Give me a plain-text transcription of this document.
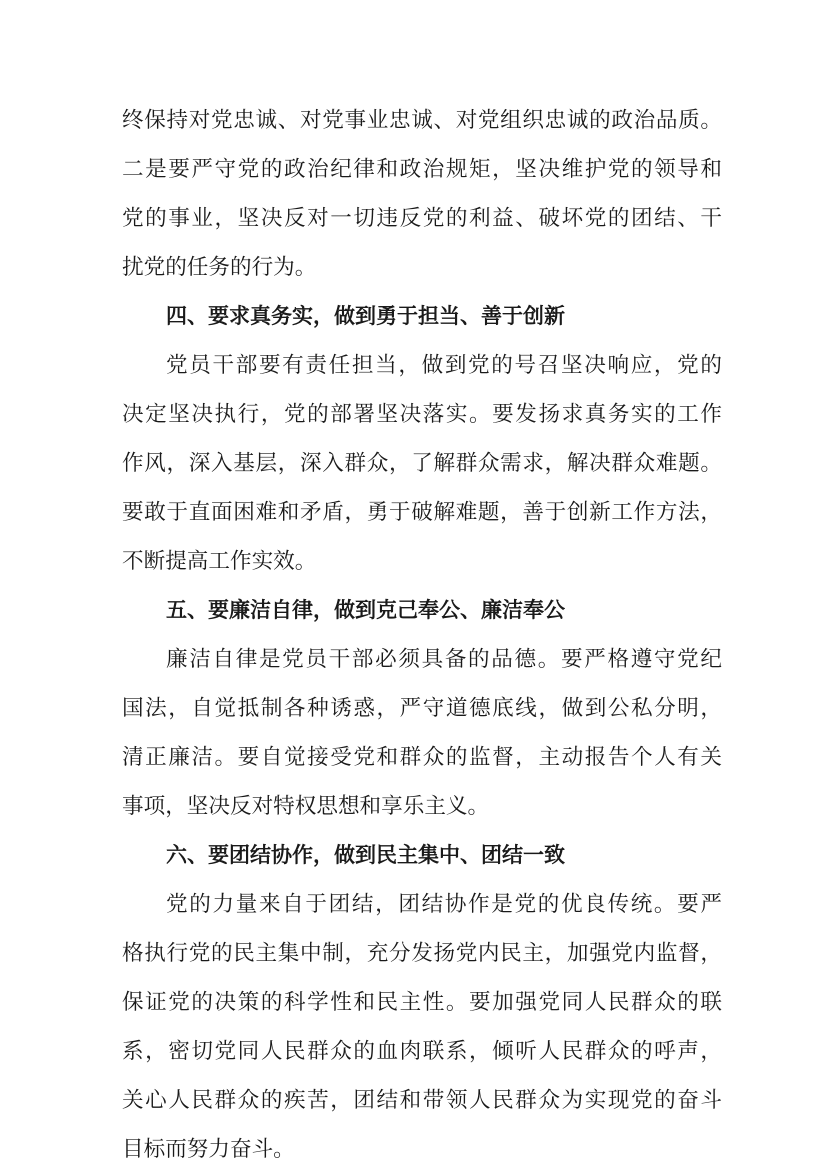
终保持对党忠诚、对党事业忠诚、对党组织忠诚的政治品质。
二是要严守党的政治纪律和政治规矩，坚决维护党的领导和
党的事业，坚决反对一切违反党的利益、破坏党的团结、干
扰党的任务的行为。
四、要求真务实，做到勇于担当、善于创新
党员干部要有责任担当，做到党的号召坚决响应，党的
决定坚决执行，党的部署坚决落实。要发扬求真务实的工作
作风，深入基层，深入群众，了解群众需求，解决群众难题。
要敢于直面困难和矛盾，勇于破解难题，善于创新工作方法，
不断提高工作实效。
五、要廉洁自律，做到克己奉公、廉洁奉公
廉洁自律是党员干部必须具备的品德。要严格遵守党纪
国法，自觉抵制各种诱惑，严守道德底线，做到公私分明，
清正廉洁。要自觉接受党和群众的监督，主动报告个人有关
事项，坚决反对特权思想和享乐主义。
六、要团结协作，做到民主集中、团结一致
党的力量来自于团结，团结协作是党的优良传统。要严
格执行党的民主集中制，充分发扬党内民主，加强党内监督，
保证党的决策的科学性和民主性。要加强党同人民群众的联
系，密切党同人民群众的血肉联系，倾听人民群众的呼声，
关心人民群众的疾苦，团结和带领人民群众为实现党的奋斗
目标而努力奋斗。
